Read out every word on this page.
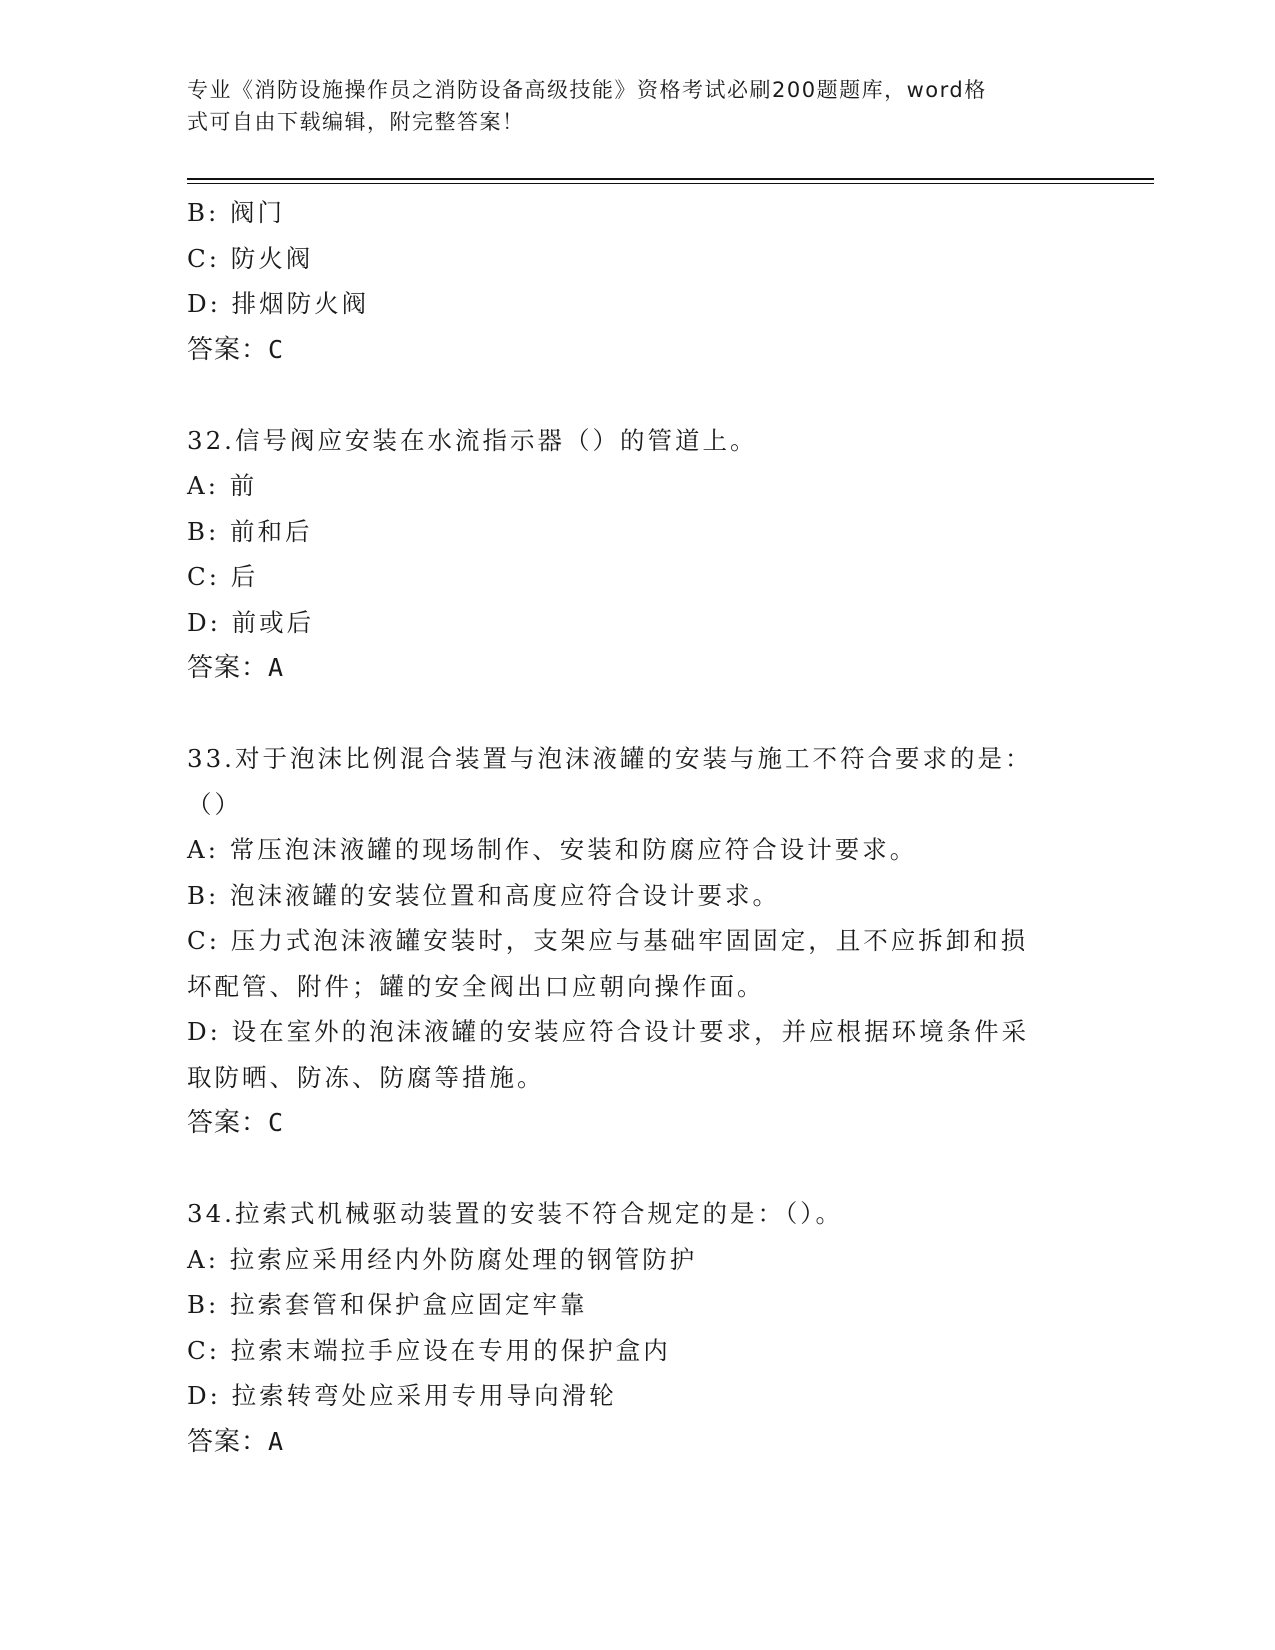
专业《消防设施操作员之消防设备高级技能》资格考试必刷200题题库，word格
式可自由下载编辑，附完整答案！
B: 阀门
C: 防火阀
D: 排烟防火阀
答案：C
32.信号阀应安装在水流指示器（）的管道上。
A: 前
B: 前和后
C: 后
D: 前或后
答案：A
33.对于泡沫比例混合装置与泡沫液罐的安装与施工不符合要求的是：
（）
A: 常压泡沫液罐的现场制作、安装和防腐应符合设计要求。
B: 泡沫液罐的安装位置和高度应符合设计要求。
C: 压力式泡沫液罐安装时，支架应与基础牢固固定，且不应拆卸和损
坏配管、附件；罐的安全阀出口应朝向操作面。
D: 设在室外的泡沫液罐的安装应符合设计要求，并应根据环境条件采
取防晒、防冻、防腐等措施。
答案：C
34.拉索式机械驱动装置的安装不符合规定的是：（）。
A: 拉索应采用经内外防腐处理的钢管防护
B: 拉索套管和保护盒应固定牢靠
C: 拉索末端拉手应设在专用的保护盒内
D: 拉索转弯处应采用专用导向滑轮
答案：A
